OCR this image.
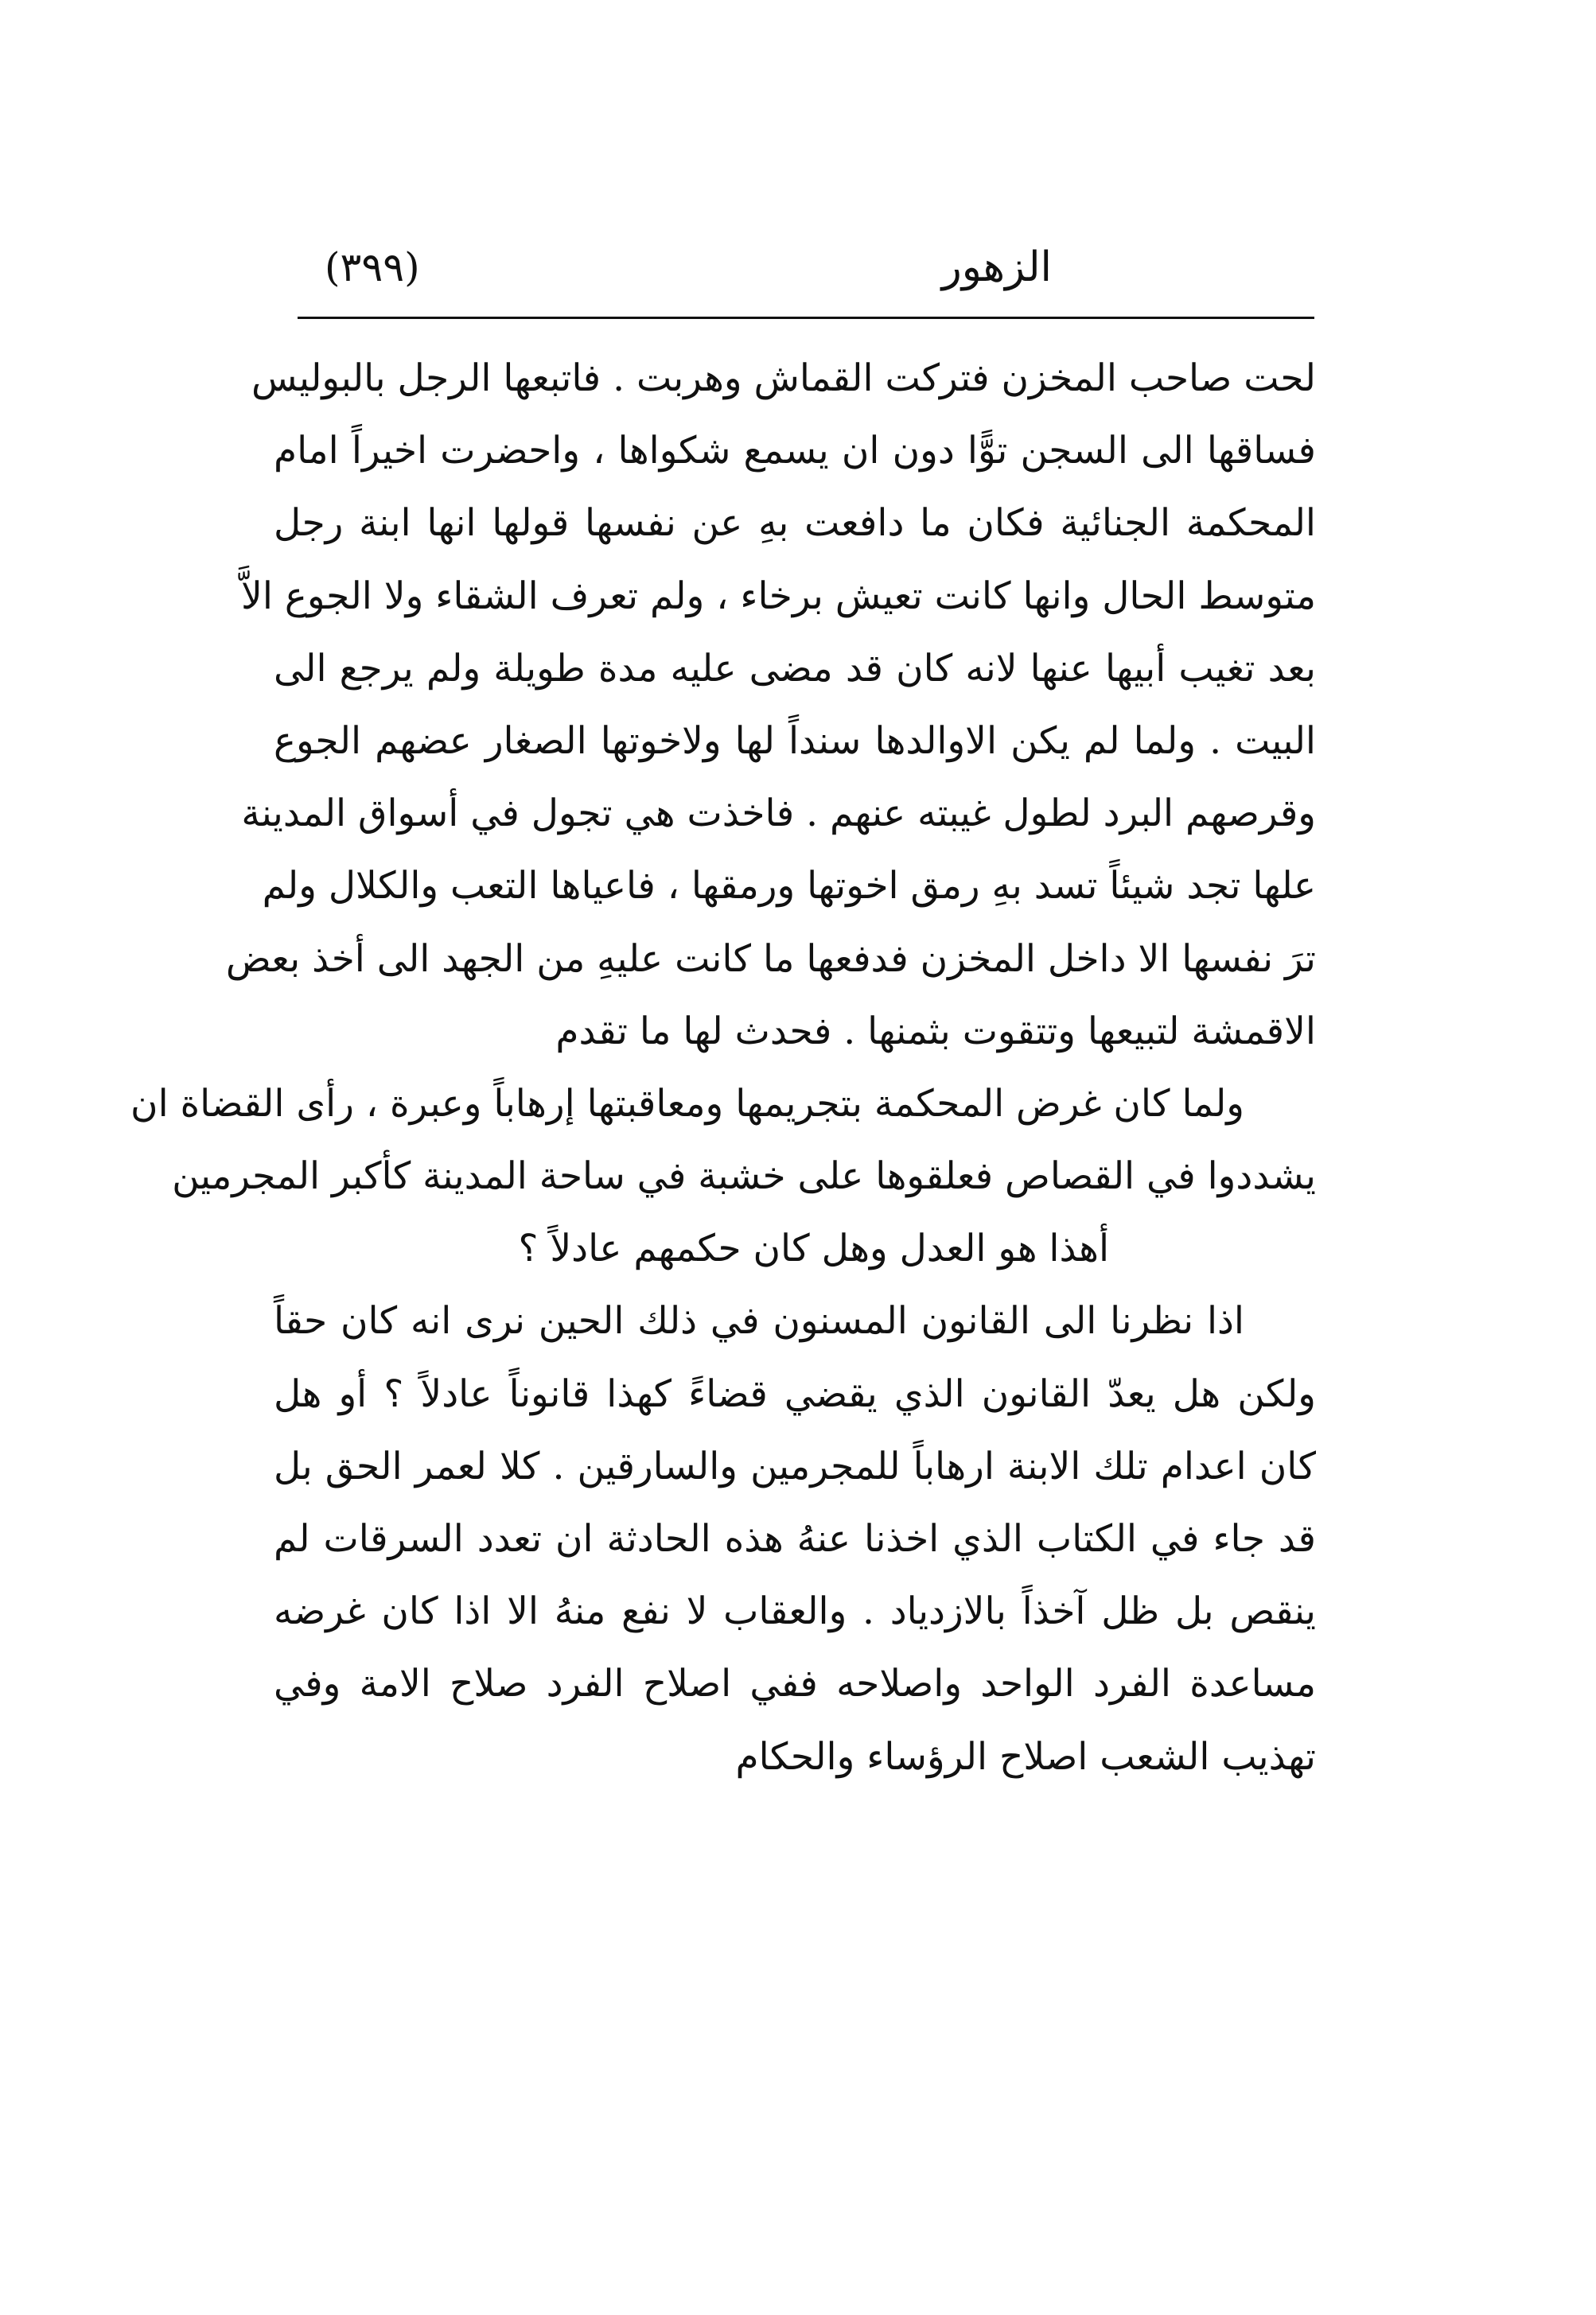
الزهور
(٣٩٩)
لحت صاحب المخزن فتركت القماش وهربت . فاتبعها الرجل بالبوليس
فساقها الى السجن توًّا دون ان يسمع شكواها ، واحضرت اخيراً امام
المحكمة الجنائية فكان ما دافعت بهِ عن نفسها قولها انها ابنة رجل
متوسط الحال وانها كانت تعيش برخاء ، ولم تعرف الشقاء ولا الجوع الاَّ
بعد تغيب أبيها عنها لانه كان قد مضى عليه مدة طويلة ولم يرجع الى
البيت . ولما لم يكن الاوالدها سنداً لها ولاخوتها الصغار عضهم الجوع
وقرصهم البرد لطول غيبته عنهم . فاخذت هي تجول في أسواق المدينة
علها تجد شيئاً تسد بهِ رمق اخوتها ورمقها ، فاعياها التعب والكلال ولم
ترَ نفسها الا داخل المخزن فدفعها ما كانت عليهِ من الجهد الى أخذ بعض
الاقمشة لتبيعها وتتقوت بثمنها . فحدث لها ما تقدم
ولما كان غرض المحكمة بتجريمها ومعاقبتها إرهاباً وعبرة ، رأى القضاة ان
يشددوا في القصاص فعلقوها على خشبة في ساحة المدينة كأكبر المجرمين
أهذا هو العدل وهل كان حكمهم عادلاً ؟
اذا نظرنا الى القانون المسنون في ذلك الحين نرى انه كان حقاً
ولكن هل يعدّ القانون الذي يقضي قضاءً كهذا قانوناً عادلاً ؟ أو هل
كان اعدام تلك الابنة ارهاباً للمجرمين والسارقين . كلا لعمر الحق بل
قد جاء في الكتاب الذي اخذنا عنهُ هذه الحادثة ان تعدد السرقات لم
ينقص بل ظل آخذاً بالازدياد . والعقاب لا نفع منهُ الا اذا كان غرضه
مساعدة الفرد الواحد واصلاحه ففي اصلاح الفرد صلاح الامة وفي
تهذيب الشعب اصلاح الرؤساء والحكام
